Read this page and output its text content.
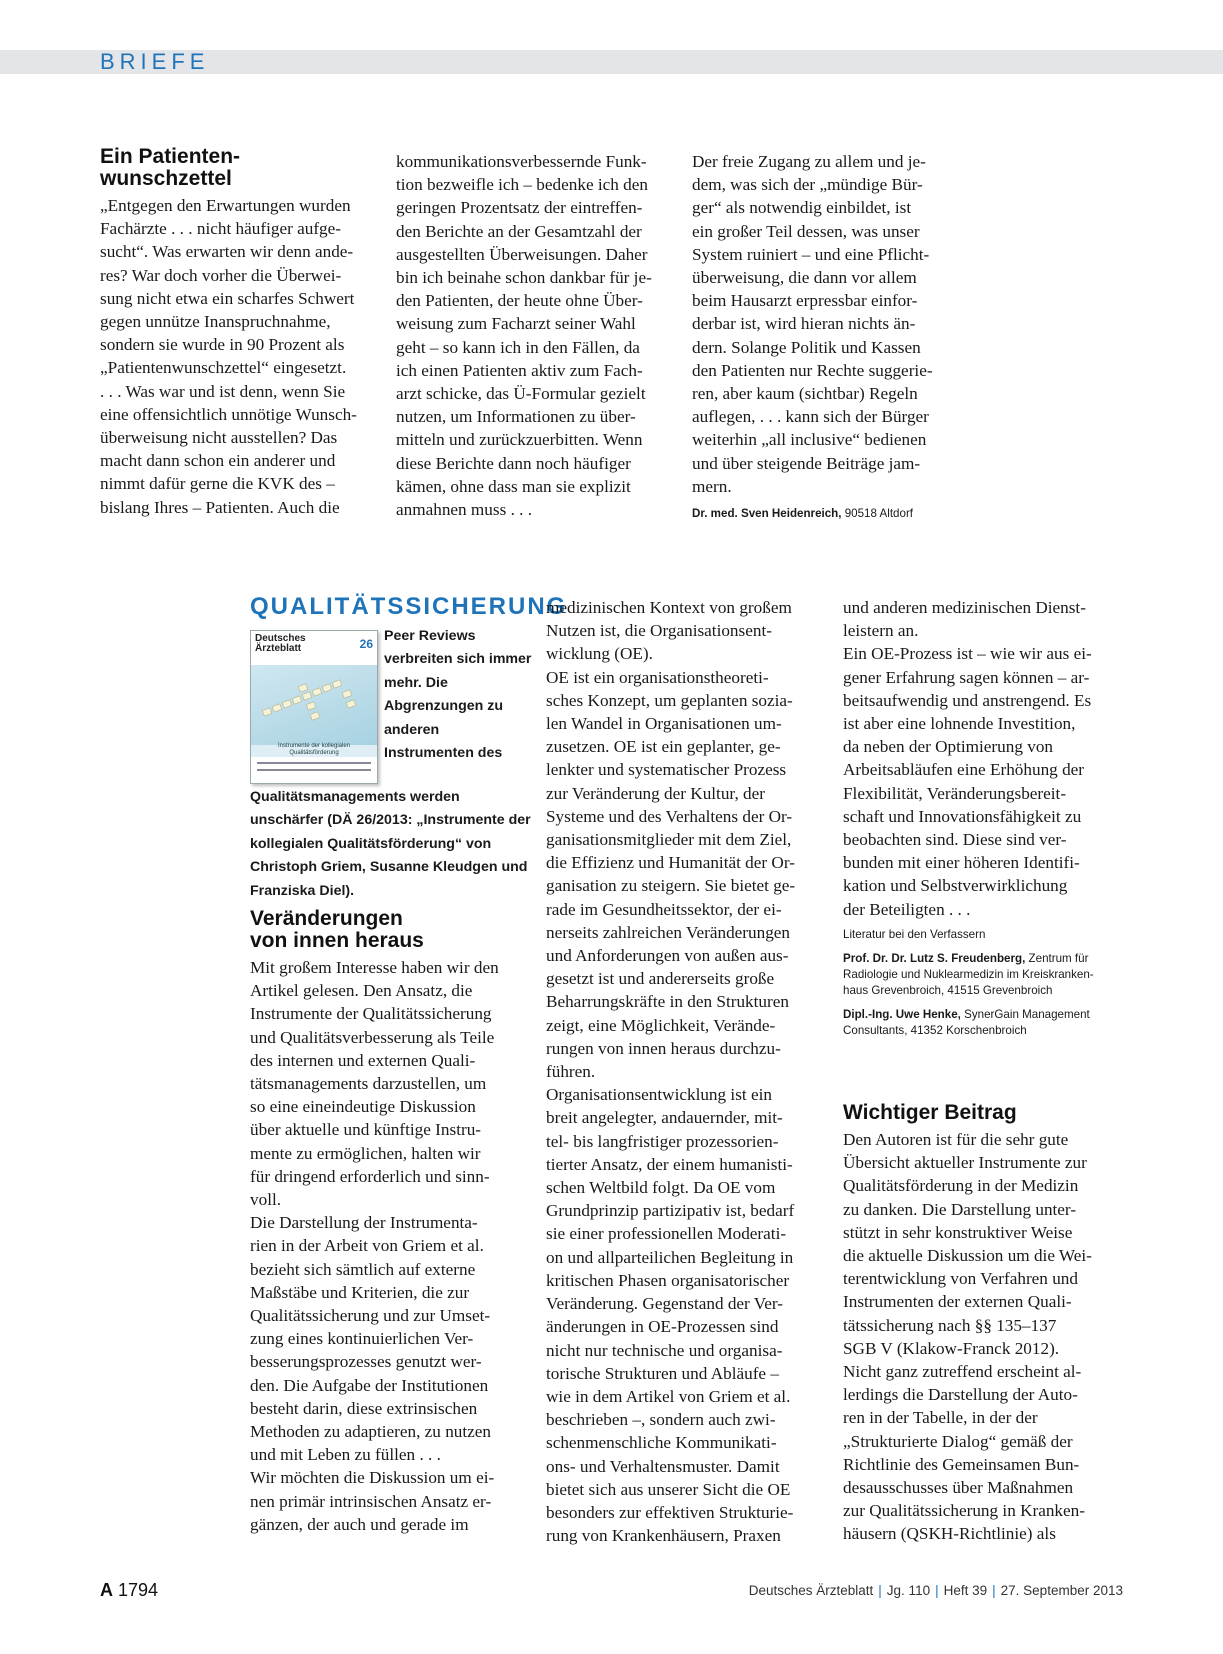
BRIEFE
Ein Patienten-
wunschzettel

„Entgegen den Erwartungen wurden
Fachärzte . . . nicht häufiger aufge-
sucht“. Was erwarten wir denn ande-
res? War doch vorher die Überwei-
sung nicht etwa ein scharfes Schwert
gegen unnütze Inanspruchnahme,
sondern sie wurde in 90 Prozent als
„Patientenwunschzettel“ eingesetzt.
. . . Was war und ist denn, wenn Sie
eine offensichtlich unnötige Wunsch-
überweisung nicht ausstellen? Das
macht dann schon ein anderer und
nimmt dafür gerne die KVK des –
bislang Ihres – Patienten. Auch die

kommunikationsverbessernde Funk-
tion bezweifle ich – bedenke ich den
geringen Prozentsatz der eintreffen-
den Berichte an der Gesamtzahl der
ausgestellten Überweisungen. Daher
bin ich beinahe schon dankbar für je-
den Patienten, der heute ohne Über-
weisung zum Facharzt seiner Wahl
geht – so kann ich in den Fällen, da
ich einen Patienten aktiv zum Fach-
arzt schicke, das Ü-Formular gezielt
nutzen, um Informationen zu über-
mitteln und zurückzuerbitten. Wenn
diese Berichte dann noch häufiger
kämen, ohne dass man sie explizit
anmahnen muss . . .

Der freie Zugang zu allem und je-
dem, was sich der „mündige Bür-
ger“ als notwendig einbildet, ist
ein großer Teil dessen, was unser
System ruiniert – und eine Pflicht-
überweisung, die dann vor allem
beim Hausarzt erpressbar einfor-
derbar ist, wird hieran nichts än-
dern. Solange Politik und Kassen
den Patienten nur Rechte suggerie-
ren, aber kaum (sichtbar) Regeln
auflegen, . . . kann sich der Bürger
weiterhin „all inclusive“ bedienen
und über steigende Beiträge jam-
mern.

Dr. med. Sven Heidenreich, 90518 Altdorf
QUALITÄTSSICHERUNG
Deutsches
Ärzteblatt	26
Instrumente der kollegialen Qualitätsförderung
Peer Reviews verbreiten sich immer mehr. Die Abgrenzungen zu anderen Instrumenten des Qualitätsmanagements werden unschärfer (DÄ 26/2013: „Instrumente der kollegialen Qualitätsförderung“ von Christoph Griem, Susanne Kleudgen und Franziska Diel).
Veränderungen
von innen heraus

Mit großem Interesse haben wir den
Artikel gelesen. Den Ansatz, die
Instrumente der Qualitätssicherung
und Qualitätsverbesserung als Teile
des internen und externen Quali-
tätsmanagements darzustellen, um
so eine eineindeutige Diskussion
über aktuelle und künftige Instru-
mente zu ermöglichen, halten wir
für dringend erforderlich und sinn-
voll.
Die Darstellung der Instrumenta-
rien in der Arbeit von Griem et al.
bezieht sich sämtlich auf externe
Maßstäbe und Kriterien, die zur
Qualitätssicherung und zur Umset-
zung eines kontinuierlichen Ver-
besserungsprozesses genutzt wer-
den. Die Aufgabe der Institutionen
besteht darin, diese extrinsischen
Methoden zu adaptieren, zu nutzen
und mit Leben zu füllen . . .
Wir möchten die Diskussion um ei-
nen primär intrinsischen Ansatz er-
gänzen, der auch und gerade im

medizinischen Kontext von großem
Nutzen ist, die Organisationsent-
wicklung (OE).
OE ist ein organisationstheoreti-
sches Konzept, um geplanten sozia-
len Wandel in Organisationen um-
zusetzen. OE ist ein geplanter, ge-
lenkter und systematischer Prozess
zur Veränderung der Kultur, der
Systeme und des Verhaltens der Or-
ganisationsmitglieder mit dem Ziel,
die Effizienz und Humanität der Or-
ganisation zu steigern. Sie bietet ge-
rade im Gesundheitssektor, der ei-
nerseits zahlreichen Veränderungen
und Anforderungen von außen aus-
gesetzt ist und andererseits große
Beharrungskräfte in den Strukturen
zeigt, eine Möglichkeit, Verände-
rungen von innen heraus durchzu-
führen.
Organisationsentwicklung ist ein
breit angelegter, andauernder, mit-
tel- bis langfristiger prozessorien-
tierter Ansatz, der einem humanisti-
schen Weltbild folgt. Da OE vom
Grundprinzip partizipativ ist, bedarf
sie einer professionellen Moderati-
on und allparteilichen Begleitung in
kritischen Phasen organisatorischer
Veränderung. Gegenstand der Ver-
änderungen in OE-Prozessen sind
nicht nur technische und organisa-
torische Strukturen und Abläufe –
wie in dem Artikel von Griem et al.
beschrieben –, sondern auch zwi-
schenmenschliche Kommunikati-
ons- und Verhaltensmuster. Damit
bietet sich aus unserer Sicht die OE
besonders zur effektiven Strukturie-
rung von Krankenhäusern, Praxen

und anderen medizinischen Dienst-
leistern an.
Ein OE-Prozess ist – wie wir aus ei-
gener Erfahrung sagen können – ar-
beitsaufwendig und anstrengend. Es
ist aber eine lohnende Investition,
da neben der Optimierung von
Arbeitsabläufen eine Erhöhung der
Flexibilität, Veränderungsbereit-
schaft und Innovationsfähigkeit zu
beobachten sind. Diese sind ver-
bunden mit einer höheren Identifi-
kation und Selbstverwirklichung
der Beteiligten . . .

Literatur bei den Verfassern
Prof. Dr. Dr. Lutz S. Freudenberg, Zentrum für
Radiologie und Nuklearmedizin im Kreiskranken-
haus Grevenbroich, 41515 Grevenbroich
Dipl.-Ing. Uwe Henke, SynerGain Management
Consultants, 41352 Korschenbroich
Wichtiger Beitrag

Den Autoren ist für die sehr gute
Übersicht aktueller Instrumente zur
Qualitätsförderung in der Medizin
zu danken. Die Darstellung unter-
stützt in sehr konstruktiver Weise
die aktuelle Diskussion um die Wei-
terentwicklung von Verfahren und
Instrumenten der externen Quali-
tätssicherung nach §§ 135–137
SGB V (Klakow-Franck 2012).
Nicht ganz zutreffend erscheint al-
lerdings die Darstellung der Auto-
ren in der Tabelle, in der der
„Strukturierte Dialog“ gemäß der
Richtlinie des Gemeinsamen Bun-
desausschusses über Maßnahmen
zur Qualitätssicherung in Kranken-
häusern (QSKH-Richtlinie) als

A 1794	Deutsches Ärzteblatt | Jg. 110 | Heft 39 | 27. September 2013
